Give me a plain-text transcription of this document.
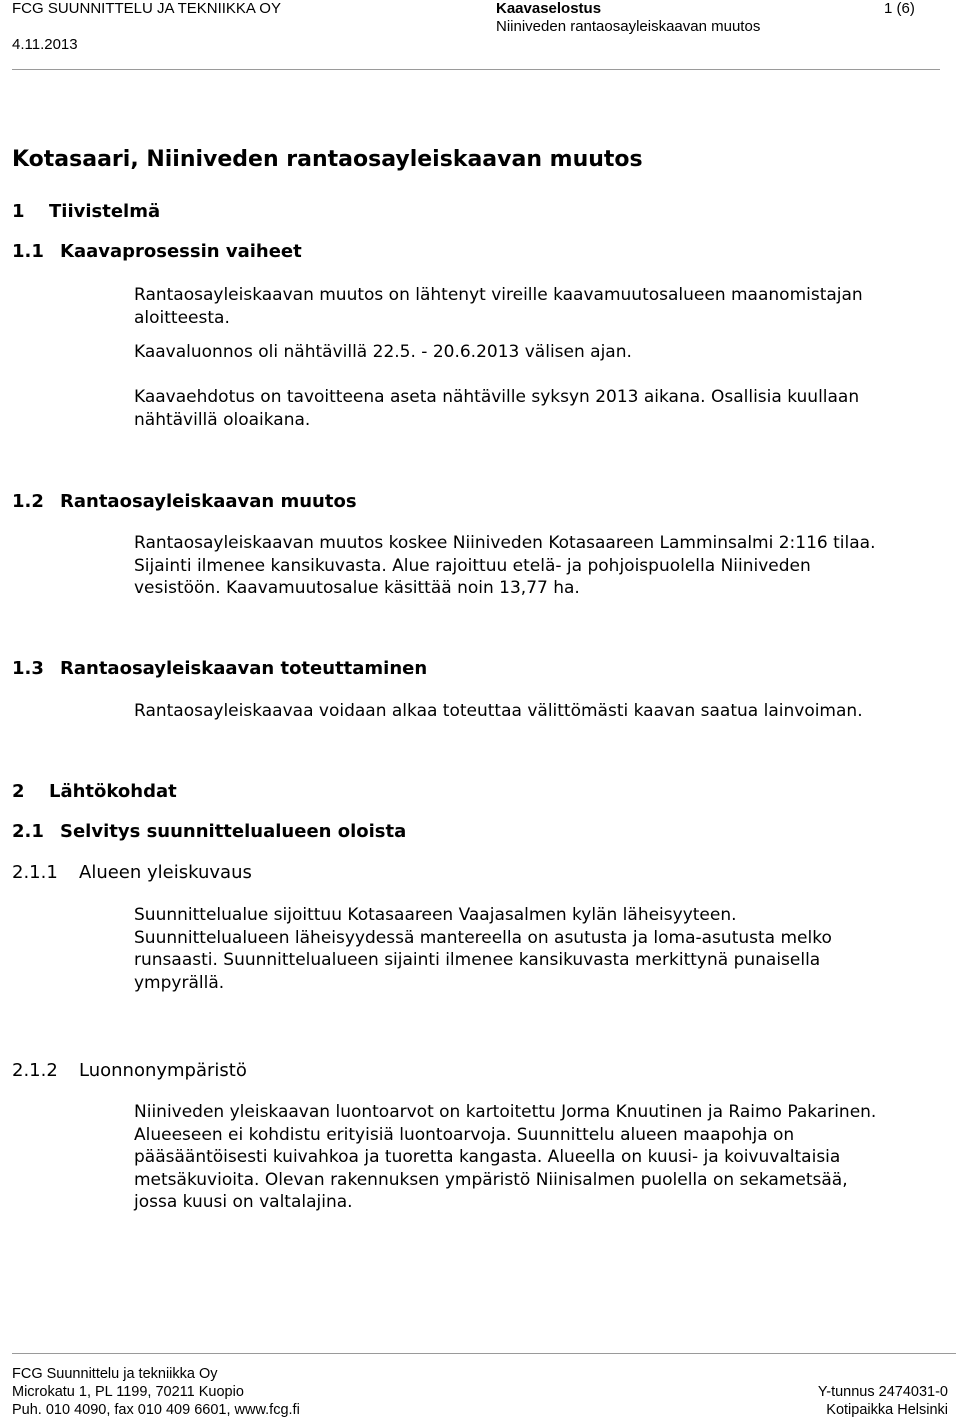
FCG SUUNNITTELU JA TEKNIIKKA OY
4.11.2013
Kaavaselostus
Niiniveden rantaosayleiskaavan muutos
1 (6)
Kotasaari, Niiniveden rantaosayleiskaavan muutos
1 Tiivistelmä
1.1 Kaavaprosessin vaiheet
Rantaosayleiskaavan muutos on lähtenyt vireille kaavamuutosalueen maanomistajan
aloitteesta.
Kaavaluonnos oli nähtävillä 22.5. - 20.6.2013 välisen ajan.
Kaavaehdotus on tavoitteena aseta nähtäville syksyn 2013 aikana. Osallisia kuullaan
nähtävillä oloaikana.
1.2 Rantaosayleiskaavan muutos
Rantaosayleiskaavan muutos koskee Niiniveden Kotasaareen Lamminsalmi 2:116 tilaa.
Sijainti ilmenee kansikuvasta. Alue rajoittuu etelä- ja pohjoispuolella Niiniveden
vesistöön. Kaavamuutosalue käsittää noin 13,77 ha.
1.3 Rantaosayleiskaavan toteuttaminen
Rantaosayleiskaavaa voidaan alkaa toteuttaa välittömästi kaavan saatua lainvoiman.
2 Lähtökohdat
2.1 Selvitys suunnittelualueen oloista
2.1.1 Alueen yleiskuvaus
Suunnittelualue sijoittuu Kotasaareen Vaajasalmen kylän läheisyyteen.
Suunnittelualueen läheisyydessä mantereella on asutusta ja loma-asutusta melko
runsaasti. Suunnittelualueen sijainti ilmenee kansikuvasta merkittynä punaisella
ympyrällä.
2.1.2 Luonnonympäristö
Niiniveden yleiskaavan luontoarvot on kartoitettu Jorma Knuutinen ja Raimo Pakarinen.
Alueeseen ei kohdistu erityisiä luontoarvoja. Suunnittelu alueen maapohja on
pääsääntöisesti kuivahkoa ja tuoretta kangasta. Alueella on kuusi- ja koivuvaltaisia
metsäkuvioita. Olevan rakennuksen ympäristö Niinisalmen puolella on sekametsää,
jossa kuusi on valtalajina.
FCG Suunnittelu ja tekniikka Oy
Microkatu 1, PL 1199, 70211 Kuopio
Puh. 010 4090, fax 010 409 6601, www.fcg.fi
Y-tunnus 2474031-0
Kotipaikka Helsinki
